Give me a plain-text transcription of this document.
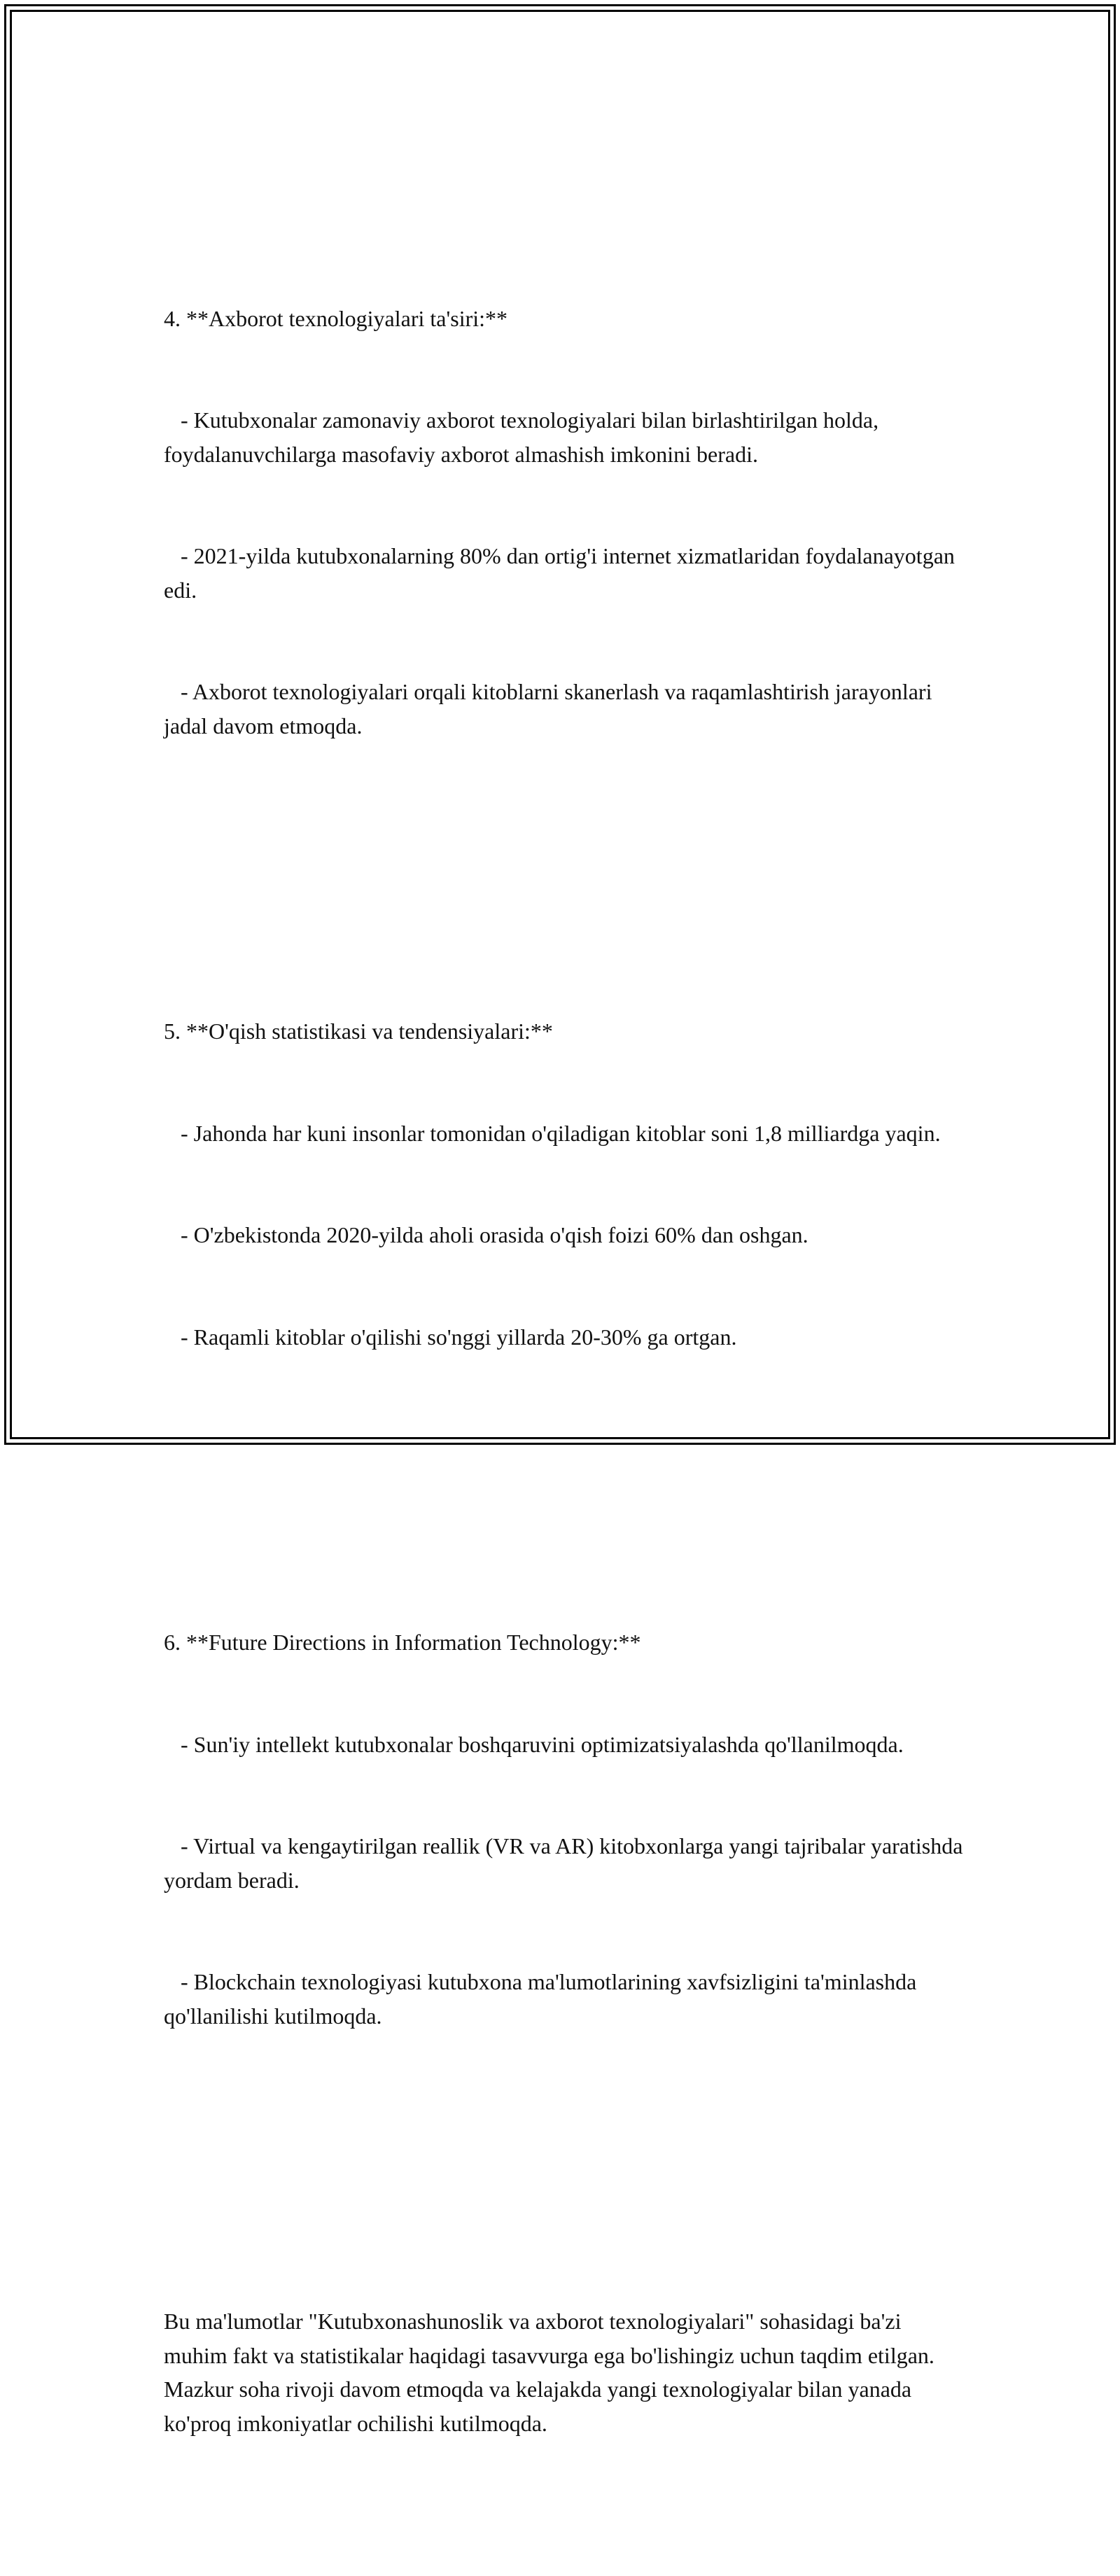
4. **Axborot texnologiyalari ta'siri:**

- Kutubxonalar zamonaviy axborot texnologiyalari bilan birlashtirilgan holda, foydalanuvchilarga masofaviy axborot almashish imkonini beradi.

- 2021-yilda kutubxonalarning 80% dan ortig'i internet xizmatlaridan foydalanayotgan edi.

- Axborot texnologiyalari orqali kitoblarni skanerlash va raqamlashtirish jarayonlari jadal davom etmoqda.

5. **O'qish statistikasi va tendensiyalari:**

- Jahonda har kuni insonlar tomonidan o'qiladigan kitoblar soni 1,8 milliardga yaqin.

- O'zbekistonda 2020-yilda aholi orasida o'qish foizi 60% dan oshgan.

- Raqamli kitoblar o'qilishi so'nggi yillarda 20-30% ga ortgan.

6. **Future Directions in Information Technology:**

- Sun'iy intellekt kutubxonalar boshqaruvini optimizatsiyalashda qo'llanilmoqda.

- Virtual va kengaytirilgan reallik (VR va AR) kitobxonlarga yangi tajribalar yaratishda yordam beradi.

- Blockchain texnologiyasi kutubxona ma'lumotlarining xavfsizligini ta'minlashda qo'llanilishi kutilmoqda.

Bu ma'lumotlar "Kutubxonashunoslik va axborot texnologiyalari" sohasidagi ba'zi muhim fakt va statistikalar haqidagi tasavvurga ega bo'lishingiz uchun taqdim etilgan. Mazkur soha rivoji davom etmoqda va kelajakda yangi texnologiyalar bilan yanada ko'proq imkoniyatlar ochilishi kutilmoqda.
